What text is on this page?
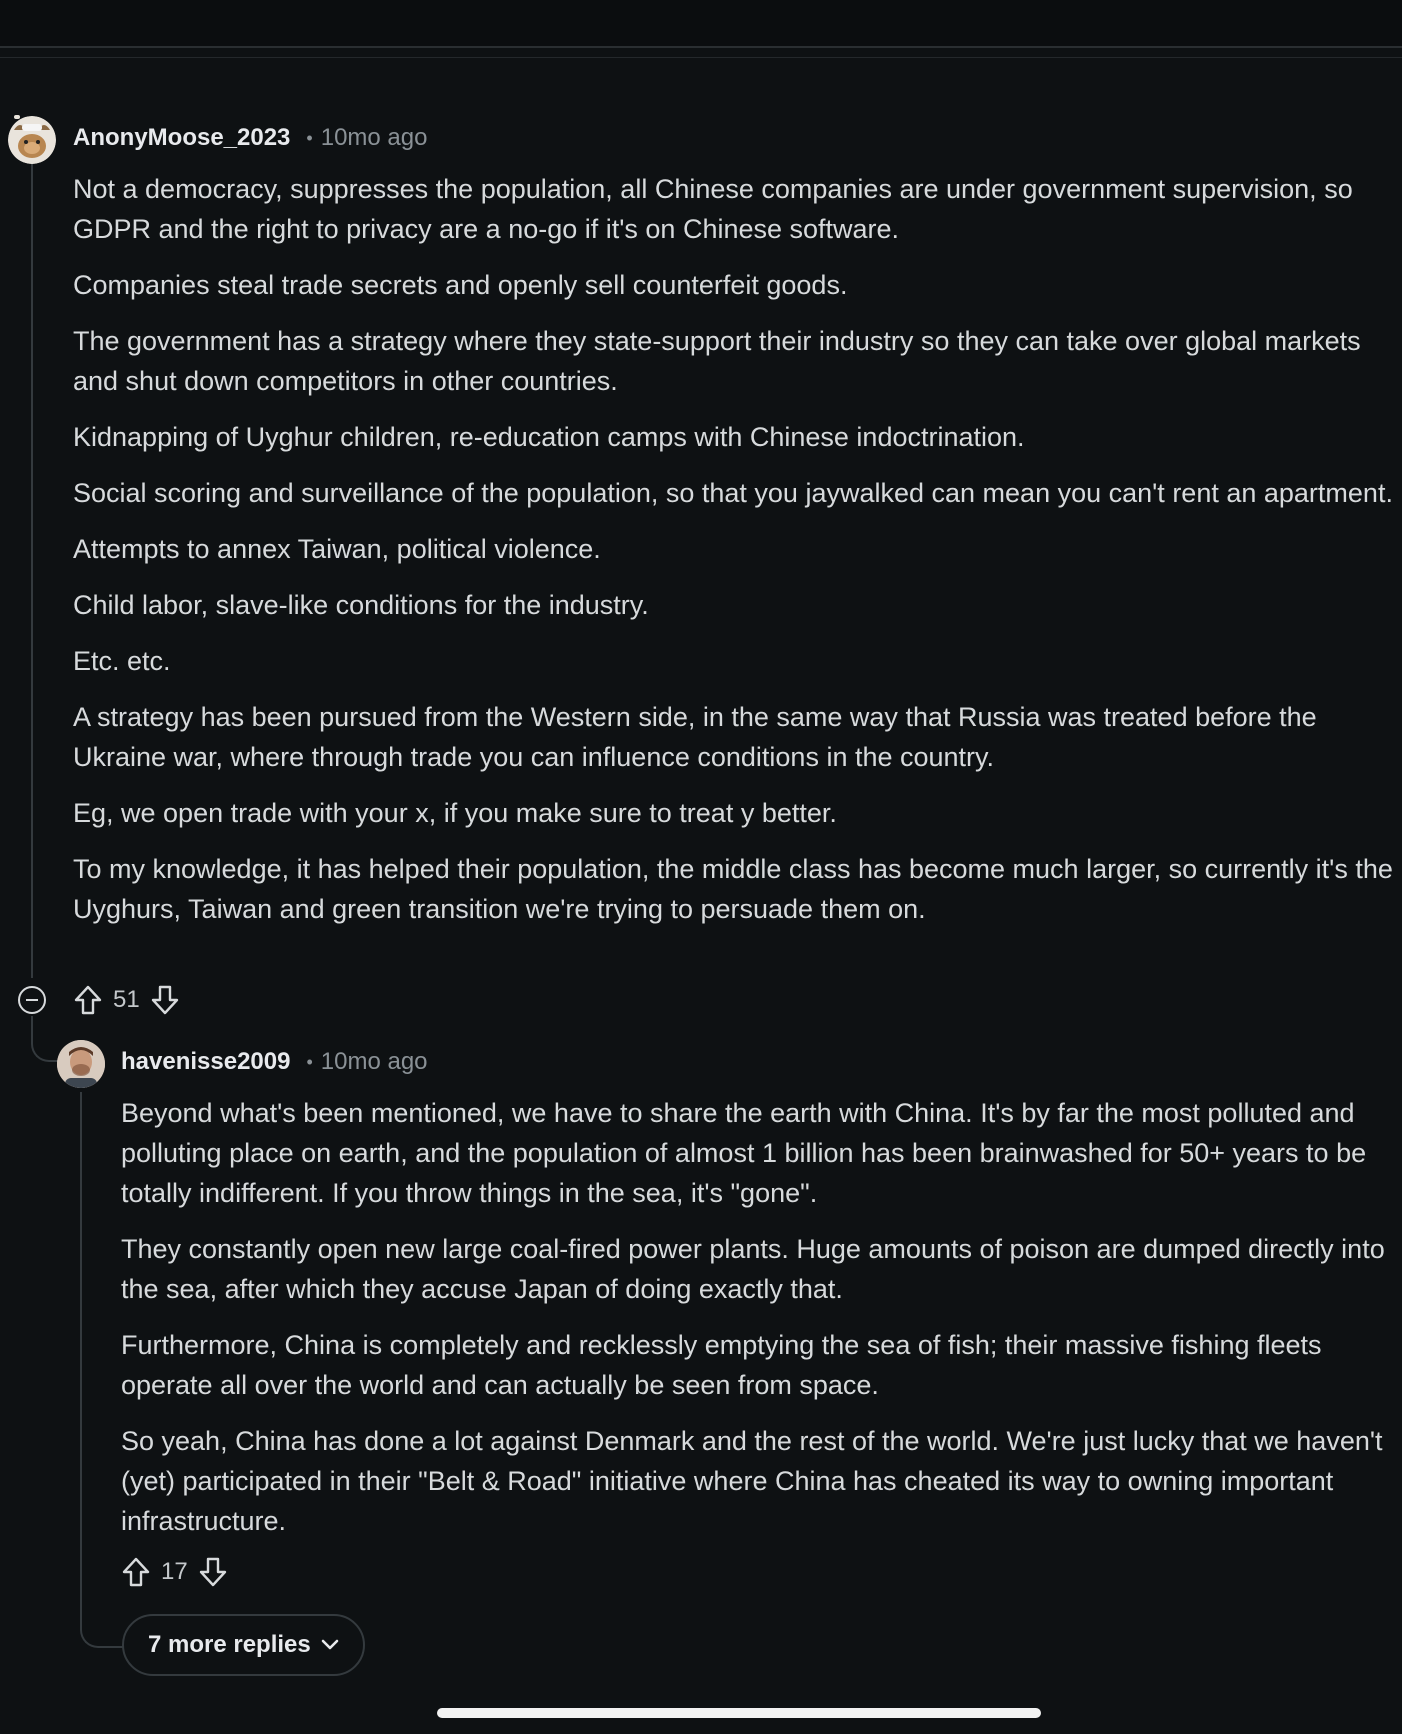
AnonyMoose_2023 • 10mo ago

Not a democracy, suppresses the population, all Chinese companies are under government supervision, so GDPR and the right to privacy are a no-go if it's on Chinese software.

Companies steal trade secrets and openly sell counterfeit goods.

The government has a strategy where they state-support their industry so they can take over global markets and shut down competitors in other countries.

Kidnapping of Uyghur children, re-education camps with Chinese indoctrination.

Social scoring and surveillance of the population, so that you jaywalked can mean you can't rent an apartment.

Attempts to annex Taiwan, political violence.

Child labor, slave-like conditions for the industry.

Etc. etc.

A strategy has been pursued from the Western side, in the same way that Russia was treated before the Ukraine war, where through trade you can influence conditions in the country.

Eg, we open trade with your x, if you make sure to treat y better.

To my knowledge, it has helped their population, the middle class has become much larger, so currently it's the Uyghurs, Taiwan and green transition we're trying to persuade them on.

51
havenisse2009 • 10mo ago

Beyond what's been mentioned, we have to share the earth with China. It's by far the most polluted and polluting place on earth, and the population of almost 1 billion has been brainwashed for 50+ years to be totally indifferent. If you throw things in the sea, it's "gone".

They constantly open new large coal-fired power plants. Huge amounts of poison are dumped directly into the sea, after which they accuse Japan of doing exactly that.

Furthermore, China is completely and recklessly emptying the sea of fish; their massive fishing fleets operate all over the world and can actually be seen from space.

So yeah, China has done a lot against Denmark and the rest of the world. We're just lucky that we haven't (yet) participated in their "Belt & Road" initiative where China has cheated its way to owning important infrastructure.

17
7 more replies
